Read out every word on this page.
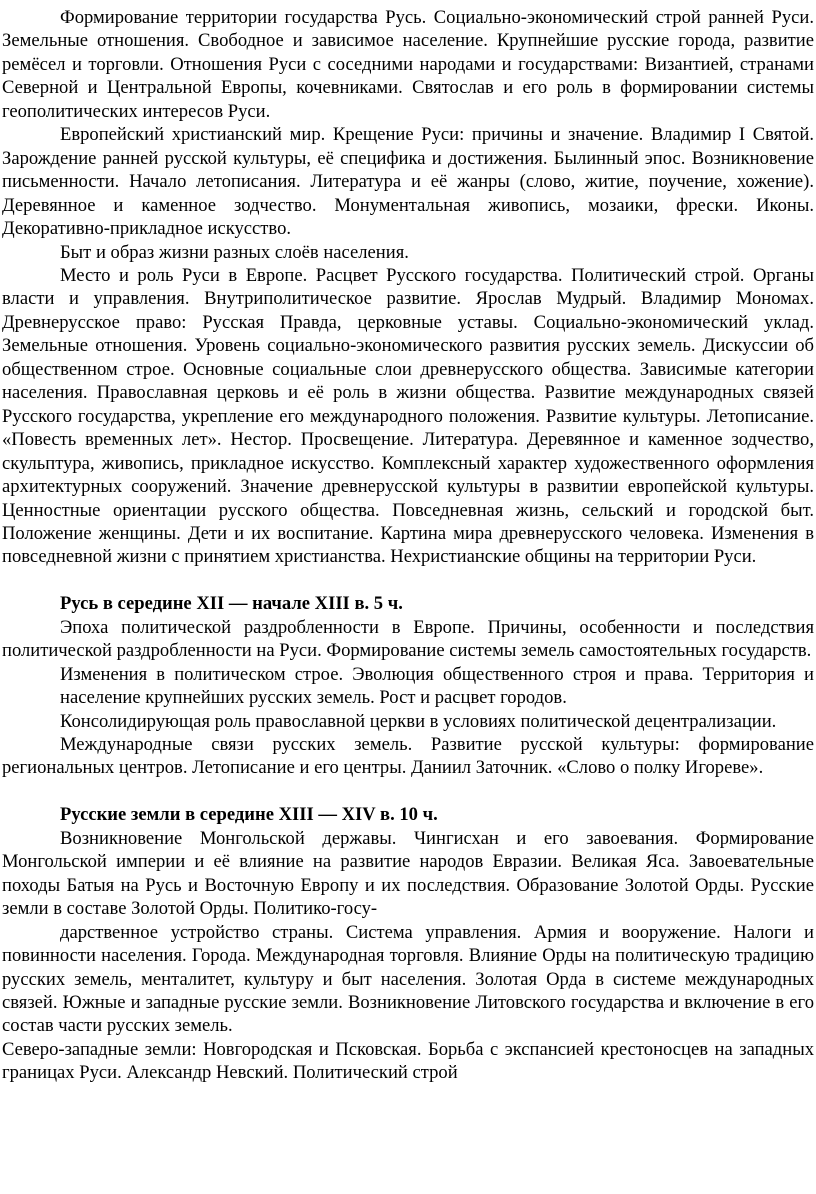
Формирование территории государства Русь. Социально-экономический строй ранней Руси. Земельные отношения. Свободное и зависимое население. Крупнейшие русские города, развитие ремёсел и торговли. Отношения Руси с соседними народами и государствами: Византией, странами Северной и Центральной Европы, кочевниками. Святослав и его роль в формировании системы геополитических интересов Руси.

Европейский христианский мир. Крещение Руси: причины и значение. Владимир I Святой. Зарождение ранней русской культуры, её специфика и достижения. Былинный эпос. Возникновение письменности. Начало летописания. Литература и её жанры (слово, житие, поучение, хожение). Деревянное и каменное зодчество. Монументальная живопись, мозаики, фрески. Иконы. Декоративно-прикладное искусство.

Быт и образ жизни разных слоёв населения.

Место и роль Руси в Европе. Расцвет Русского государства. Политический строй. Органы власти и управления. Внутриполитическое развитие. Ярослав Мудрый. Владимир Мономах. Древнерусское право: Русская Правда, церковные уставы. Социально-экономический уклад. Земельные отношения. Уровень социально-экономического развития русских земель. Дискуссии об общественном строе. Основные социальные слои древнерусского общества. Зависимые категории населения. Православная церковь и её роль в жизни общества. Развитие международных связей Русского государства, укрепление его международного положения. Развитие культуры. Летописание. «Повесть временных лет». Нестор. Просвещение. Литература. Деревянное и каменное зодчество, скульптура, живопись, прикладное искусство. Комплексный характер художественного оформления архитектурных сооружений. Значение древнерусской культуры в развитии европейской культуры. Ценностные ориентации русского общества. Повседневная жизнь, сельский и городской быт. Положение женщины. Дети и их воспитание. Картина мира древнерусского человека. Изменения в повседневной жизни с принятием христианства. Нехристианские общины на территории Руси.

Русь в середине XII — начале XIII в. 5 ч.

Эпоха политической раздробленности в Европе. Причины, особенности и последствия политической раздробленности на Руси. Формирование системы земель самостоятельных государств.

Изменения в политическом строе. Эволюция общественного строя и права. Территория и население крупнейших русских земель. Рост и расцвет городов.

Консолидирующая роль православной церкви в условиях политической децентрализации.

Международные связи русских земель. Развитие русской культуры: формирование региональных центров. Летописание и его центры. Даниил Заточник. «Слово о полку Игореве».

Русские земли в середине XIII — XIV в. 10 ч.

Возникновение Монгольской державы. Чингисхан и его завоевания. Формирование Монгольской империи и её влияние на развитие народов Евразии. Великая Яса. Завоевательные походы Батыя на Русь и Восточную Европу и их последствия. Образование Золотой Орды. Русские земли в составе Золотой Орды. Политико-госу-

дарственное устройство страны. Система управления. Армия и вооружение. Налоги и повинности населения. Города. Международная торговля. Влияние Орды на политическую традицию русских земель, менталитет, культуру и быт населения. Золотая Орда в системе международных связей. Южные и западные русские земли. Возникновение Литовского государства и включение в его состав части русских земель.

Северо-западные земли: Новгородская и Псковская. Борьба с экспансией крестоносцев на западных границах Руси. Александр Невский. Политический строй
